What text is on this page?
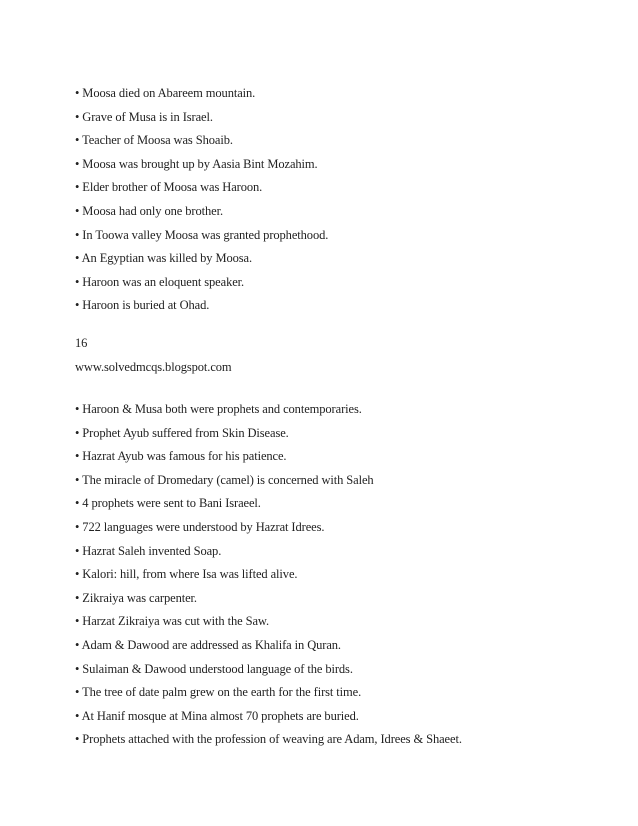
• Moosa died on Abareem mountain.
• Grave of Musa is in Israel.
• Teacher of Moosa was Shoaib.
• Moosa was brought up by Aasia Bint Mozahim.
• Elder brother of Moosa was Haroon.
• Moosa had only one brother.
• In Toowa valley Moosa was granted prophethood.
• An Egyptian was killed by Moosa.
• Haroon was an eloquent speaker.
• Haroon is buried at Ohad.
16
www.solvedmcqs.blogspot.com
• Haroon & Musa both were prophets and contemporaries.
• Prophet Ayub suffered from Skin Disease.
• Hazrat Ayub was famous for his patience.
• The miracle of Dromedary (camel) is concerned with Saleh
• 4 prophets were sent to Bani Israeel.
• 722 languages were understood by Hazrat Idrees.
• Hazrat Saleh invented Soap.
• Kalori: hill, from where Isa was lifted alive.
• Zikraiya was carpenter.
• Harzat Zikraiya was cut with the Saw.
• Adam & Dawood are addressed as Khalifa in Quran.
• Sulaiman & Dawood understood language of the birds.
• The tree of date palm grew on the earth for the first time.
• At Hanif mosque at Mina almost 70 prophets are buried.
• Prophets attached with the profession of weaving are Adam, Idrees & Shaeet.
